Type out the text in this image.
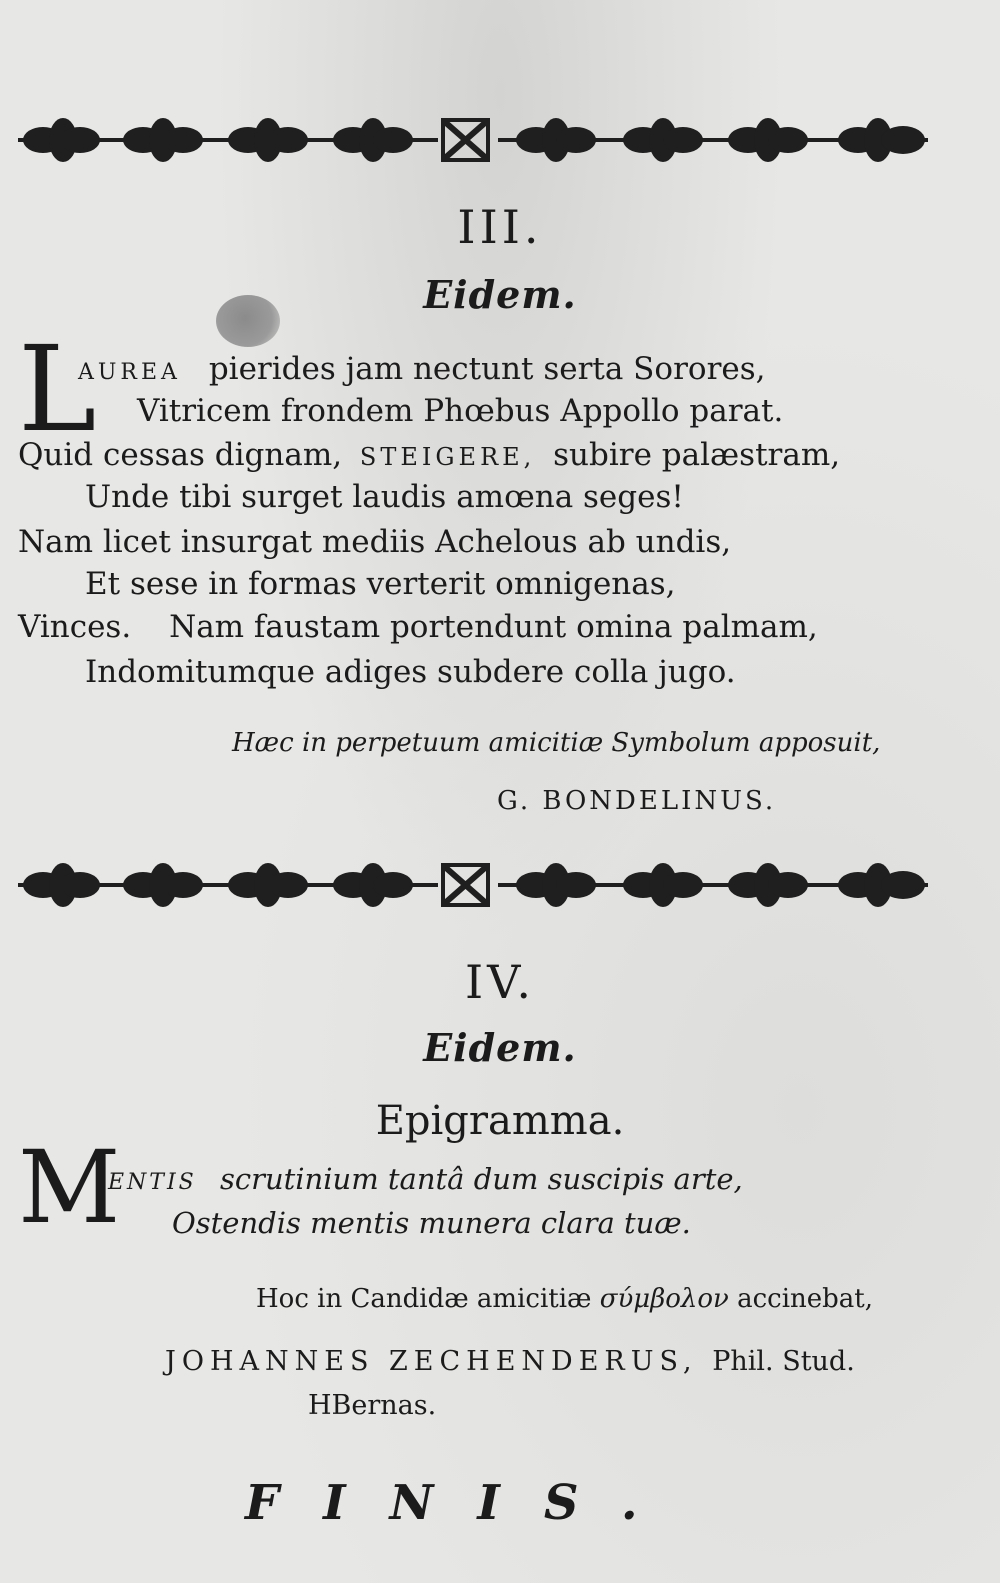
III.
Eidem.
L
AUREA pierides jam nectunt serta Sorores,
Vitricem frondem Phœbus Appollo parat.
Quid cessas dignam, STEIGERE, subire palæstram,
Unde tibi surget laudis amœna seges!
Nam licet insurgat mediis Achelous ab undis,
Et sese in formas verterit omnigenas,
Vinces. Nam faustam portendunt omina palmam,
Indomitumque adiges subdere colla jugo.
Hæc in perpetuum amicitiæ Symbolum apposuit,
G. BONDELINUS.
IV.
Eidem.
Epigramma.
M
ENTIS scrutinium tantâ dum suscipis arte,
Ostendis mentis munera clara tuæ.
Hoc in Candidæ amicitiæ σύμβολον accinebat,
JOHANNES ZECHENDERUS, Phil. Stud.
HBernas.
FINIS.
